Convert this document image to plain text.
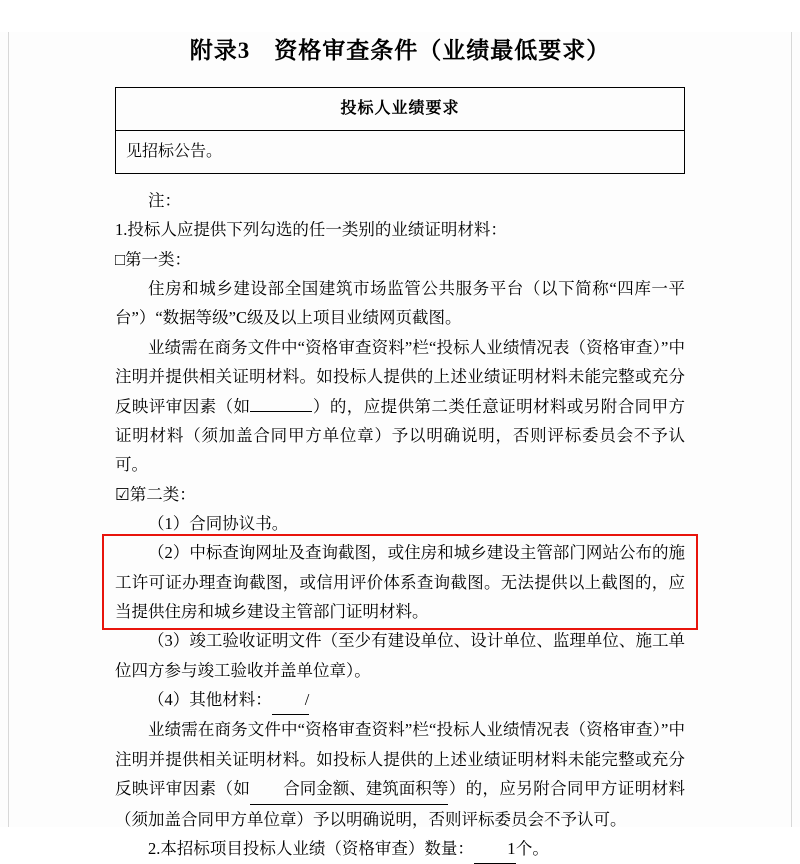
附录3　资格审查条件（业绩最低要求）
投标人业绩要求
见招标公告。

注：

1.投标人应提供下列勾选的任一类别的业绩证明材料：

□第一类：

住房和城乡建设部全国建筑市场监管公共服务平台（以下简称“四库一平台”）“数据等级”C级及以上项目业绩网页截图。

业绩需在商务文件中“资格审查资料”栏“投标人业绩情况表（资格审查）”中注明并提供相关证明材料。如投标人提供的上述业绩证明材料未能完整或充分反映评审因素（如	）的，应提供第二类任意证明材料或另附合同甲方证明材料（须加盖合同甲方单位章）予以明确说明，否则评标委员会不予认可。

☑第二类：

（1）合同协议书。

（2）中标查询网址及查询截图，或住房和城乡建设主管部门网站公布的施工许可证办理查询截图，或信用评价体系查询截图。无法提供以上截图的，应当提供住房和城乡建设主管部门证明材料。

（3）竣工验收证明文件（至少有建设单位、设计单位、监理单位、施工单位四方参与竣工验收并盖单位章）。

（4）其他材料： /

业绩需在商务文件中“资格审查资料”栏“投标人业绩情况表（资格审查）”中注明并提供相关证明材料。如投标人提供的上述业绩证明材料未能完整或充分反映评审因素（如 合同金额、建筑面积等）的，应另附合同甲方证明材料（须加盖合同甲方单位章）予以明确说明，否则评标委员会不予认可。

2.本招标项目投标人业绩（资格审查）数量： 1个。
